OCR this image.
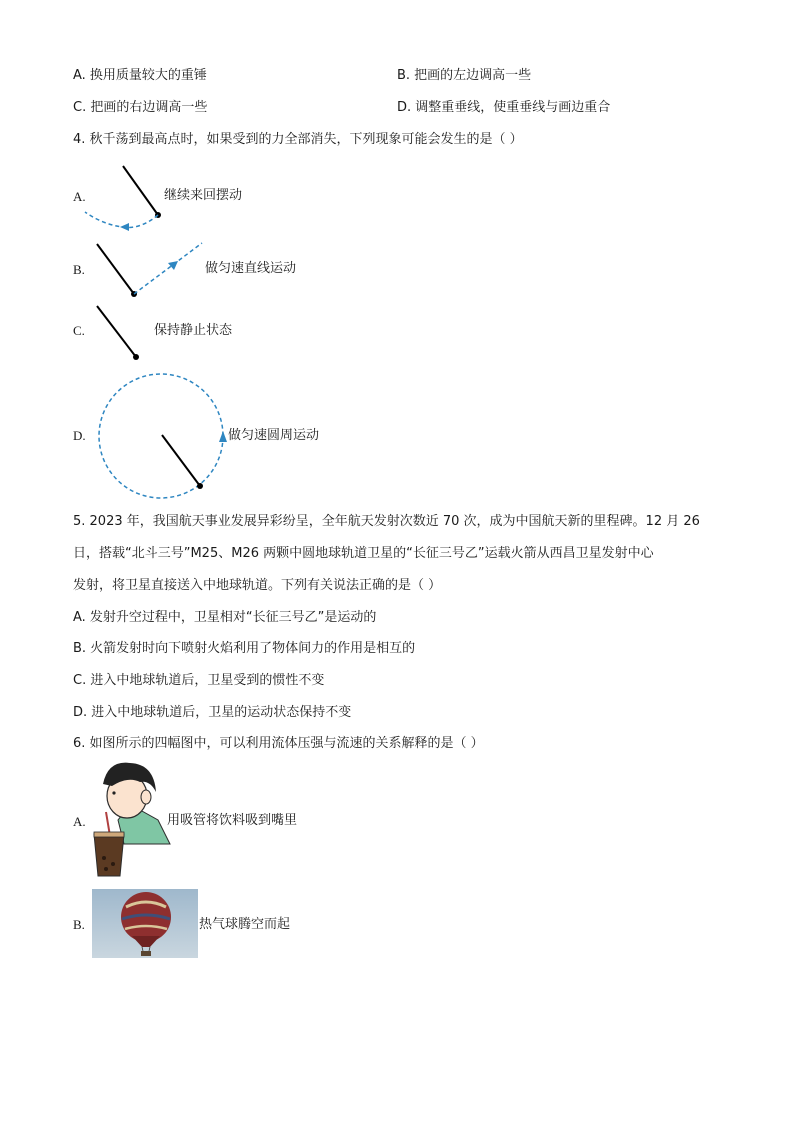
A. 换用质量较大的重锤	B. 把画的左边调高一些
C. 把画的右边调高一些	D. 调整重垂线，使重垂线与画边重合
4. 秋千荡到最高点时，如果受到的力全部消失，下列现象可能会发生的是（ ）
A.	继续来回摆动
B.	做匀速直线运动
C.	保持静止状态
D.	做匀速圆周运动
5. 2023 年，我国航天事业发展异彩纷呈，全年航天发射次数近 70 次，成为中国航天新的里程碑。12 月 26
日，搭载“北斗三号”M25、M26 两颗中圆地球轨道卫星的“长征三号乙”运载火箭从西昌卫星发射中心
发射，将卫星直接送入中地球轨道。下列有关说法正确的是（ ）
A. 发射升空过程中，卫星相对“长征三号乙”是运动的
B. 火箭发射时向下喷射火焰利用了物体间力的作用是相互的
C. 进入中地球轨道后，卫星受到的惯性不变
D. 进入中地球轨道后，卫星的运动状态保持不变
6. 如图所示的四幅图中，可以利用流体压强与流速的关系解释的是（ ）
A.	用吸管将饮料吸到嘴里
B.	热气球腾空而起
